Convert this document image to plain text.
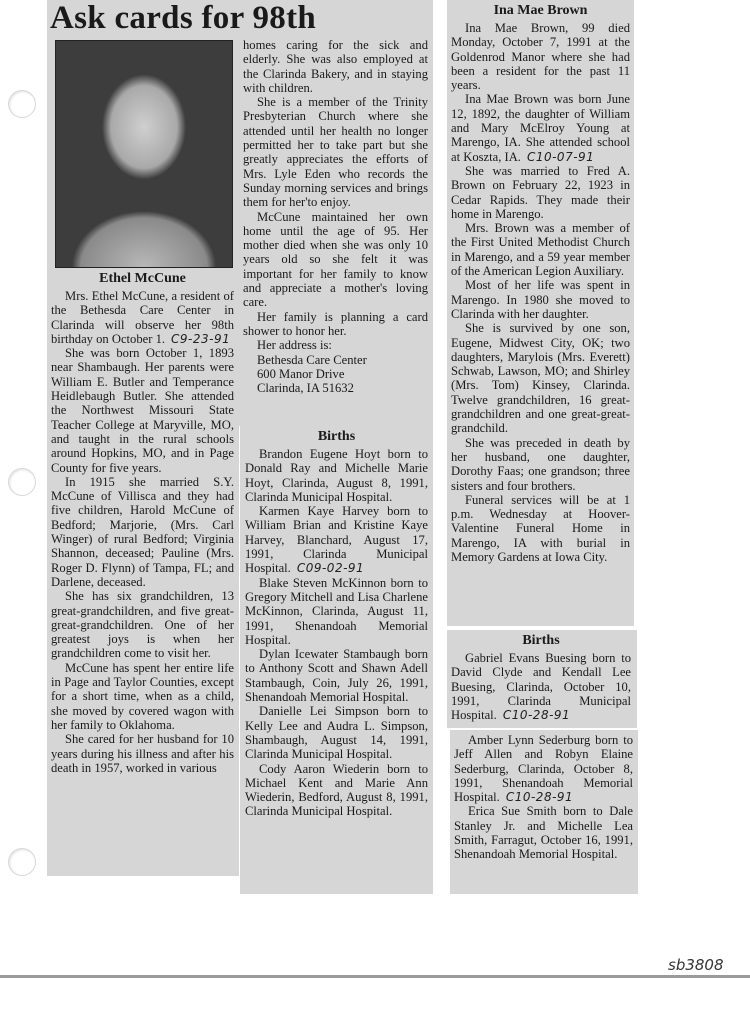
Ask cards for 98th
Ethel McCune

Mrs. Ethel McCune, a resident of the Bethesda Care Center in Clarinda will observe her 98th birthday on October 1. C9-23-91

She was born October 1, 1893 near Shambaugh. Her parents were William E. Butler and Temperance Heidlebaugh Butler. She attended the Northwest Missouri State Teacher College at Maryville, MO, and taught in the rural schools around Hopkins, MO, and in Page County for five years.

In 1915 she married S.Y. McCune of Villisca and they had five children, Harold McCune of Bedford; Marjorie, (Mrs. Carl Winger) of rural Bedford; Virginia Shannon, deceased; Pauline (Mrs. Roger D. Flynn) of Tampa, FL; and Darlene, deceased.

She has six grandchildren, 13 great-grandchildren, and five great-great-grandchildren. One of her greatest joys is when her grandchildren come to visit her.

McCune has spent her entire life in Page and Taylor Counties, except for a short time, when as a child, she moved by covered wagon with her family to Oklahoma.

She cared for her husband for 10 years during his illness and after his death in 1957, worked in various

homes caring for the sick and elderly. She was also employed at the Clarinda Bakery, and in staying with children.

She is a member of the Trinity Presbyterian Church where she attended until her health no longer permitted her to take part but she greatly appreciates the efforts of Mrs. Lyle Eden who records the Sunday morning services and brings them for her'to enjoy.

McCune maintained her own home until the age of 95. Her mother died when she was only 10 years old so she felt it was important for her family to know and appreciate a mother's loving care.

Her family is planning a card shower to honor her.

Her address is:

Bethesda Care Center

600 Manor Drive

Clarinda, IA 51632

Births

Brandon Eugene Hoyt born to Donald Ray and Michelle Marie Hoyt, Clarinda, August 8, 1991, Clarinda Municipal Hospital.

Karmen Kaye Harvey born to William Brian and Kristine Kaye Harvey, Blanchard, August 17, 1991, Clarinda Municipal Hospital. C09-02-91

Blake Steven McKinnon born to Gregory Mitchell and Lisa Charlene McKinnon, Clarinda, August 11, 1991, Shenandoah Memorial Hospital.

Dylan Icewater Stambaugh born to Anthony Scott and Shawn Adell Stambaugh, Coin, July 26, 1991, Shenandoah Memorial Hospital.

Danielle Lei Simpson born to Kelly Lee and Audra L. Simpson, Shambaugh, August 14, 1991, Clarinda Municipal Hospital.

Cody Aaron Wiederin born to Michael Kent and Marie Ann Wiederin, Bedford, August 8, 1991, Clarinda Municipal Hospital.

Ina Mae Brown

Ina Mae Brown, 99 died Monday, October 7, 1991 at the Goldenrod Manor where she had been a resident for the past 11 years.

Ina Mae Brown was born June 12, 1892, the daughter of William and Mary McElroy Young at Marengo, IA. She attended school at Koszta, IA. C10-07-91

She was married to Fred A. Brown on February 22, 1923 in Cedar Rapids. They made their home in Marengo.

Mrs. Brown was a member of the First United Methodist Church in Marengo, and a 59 year member of the American Legion Auxiliary.

Most of her life was spent in Marengo. In 1980 she moved to Clarinda with her daughter.

She is survived by one son, Eugene, Midwest City, OK; two daughters, Marylois (Mrs. Everett) Schwab, Lawson, MO; and Shirley (Mrs. Tom) Kinsey, Clarinda. Twelve grandchildren, 16 great-grandchildren and one great-great-grandchild.

She was preceded in death by her husband, one daughter, Dorothy Faas; one grandson; three sisters and four brothers.

Funeral services will be at 1 p.m. Wednesday at Hoover-Valentine Funeral Home in Marengo, IA with burial in Memory Gardens at Iowa City.

Births

Gabriel Evans Buesing born to David Clyde and Kendall Lee Buesing, Clarinda, October 10, 1991, Clarinda Municipal Hospital. C10-28-91

Amber Lynn Sederburg born to Jeff Allen and Robyn Elaine Sederburg, Clarinda, October 8, 1991, Shenandoah Memorial Hospital. C10-28-91

Erica Sue Smith born to Dale Stanley Jr. and Michelle Lea Smith, Farragut, October 16, 1991, Shenandoah Memorial Hospital.

sb3808
